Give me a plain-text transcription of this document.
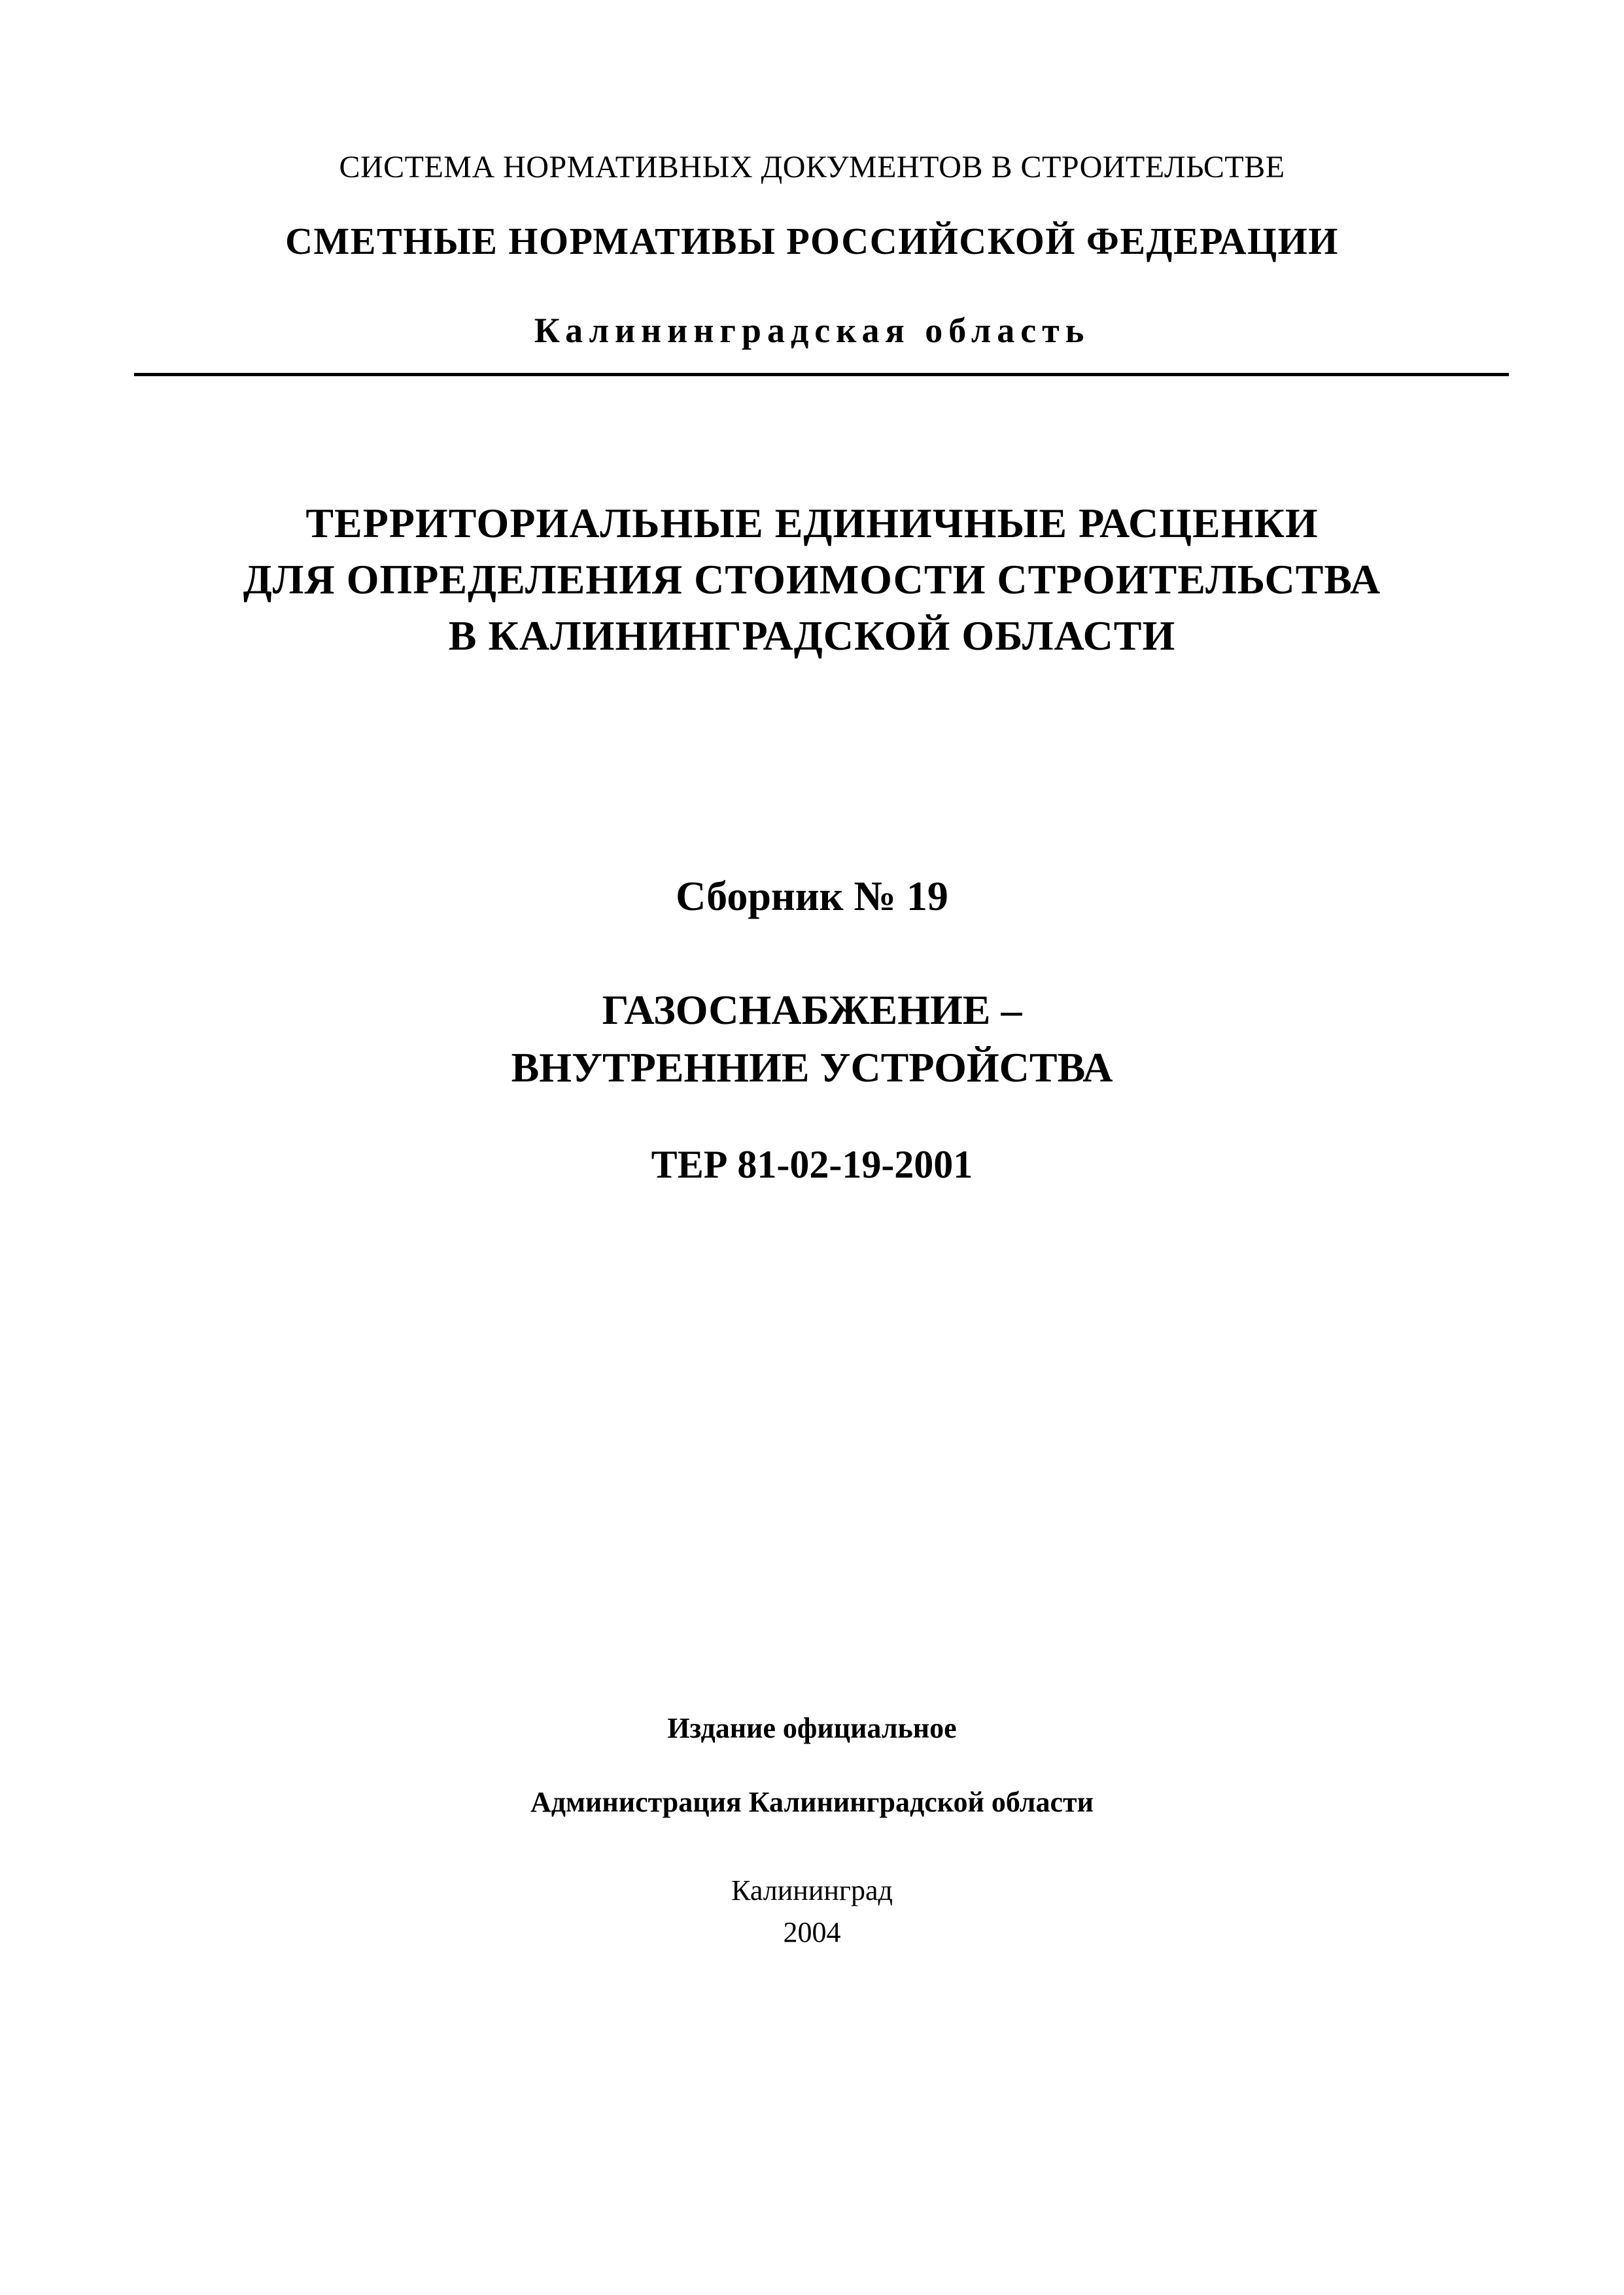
СИСТЕМА НОРМАТИВНЫХ ДОКУМЕНТОВ В СТРОИТЕЛЬСТВЕ
СМЕТНЫЕ НОРМАТИВЫ РОССИЙСКОЙ ФЕДЕРАЦИИ
Калининградская область
ТЕРРИТОРИАЛЬНЫЕ ЕДИНИЧНЫЕ РАСЦЕНКИ
ДЛЯ ОПРЕДЕЛЕНИЯ СТОИМОСТИ СТРОИТЕЛЬСТВА
В КАЛИНИНГРАДСКОЙ ОБЛАСТИ
Сборник № 19
ГАЗОСНАБЖЕНИЕ –
ВНУТРЕННИЕ УСТРОЙСТВА
ТЕР 81-02-19-2001
Издание официальное
Администрация Калининградской области
Калининград
2004
